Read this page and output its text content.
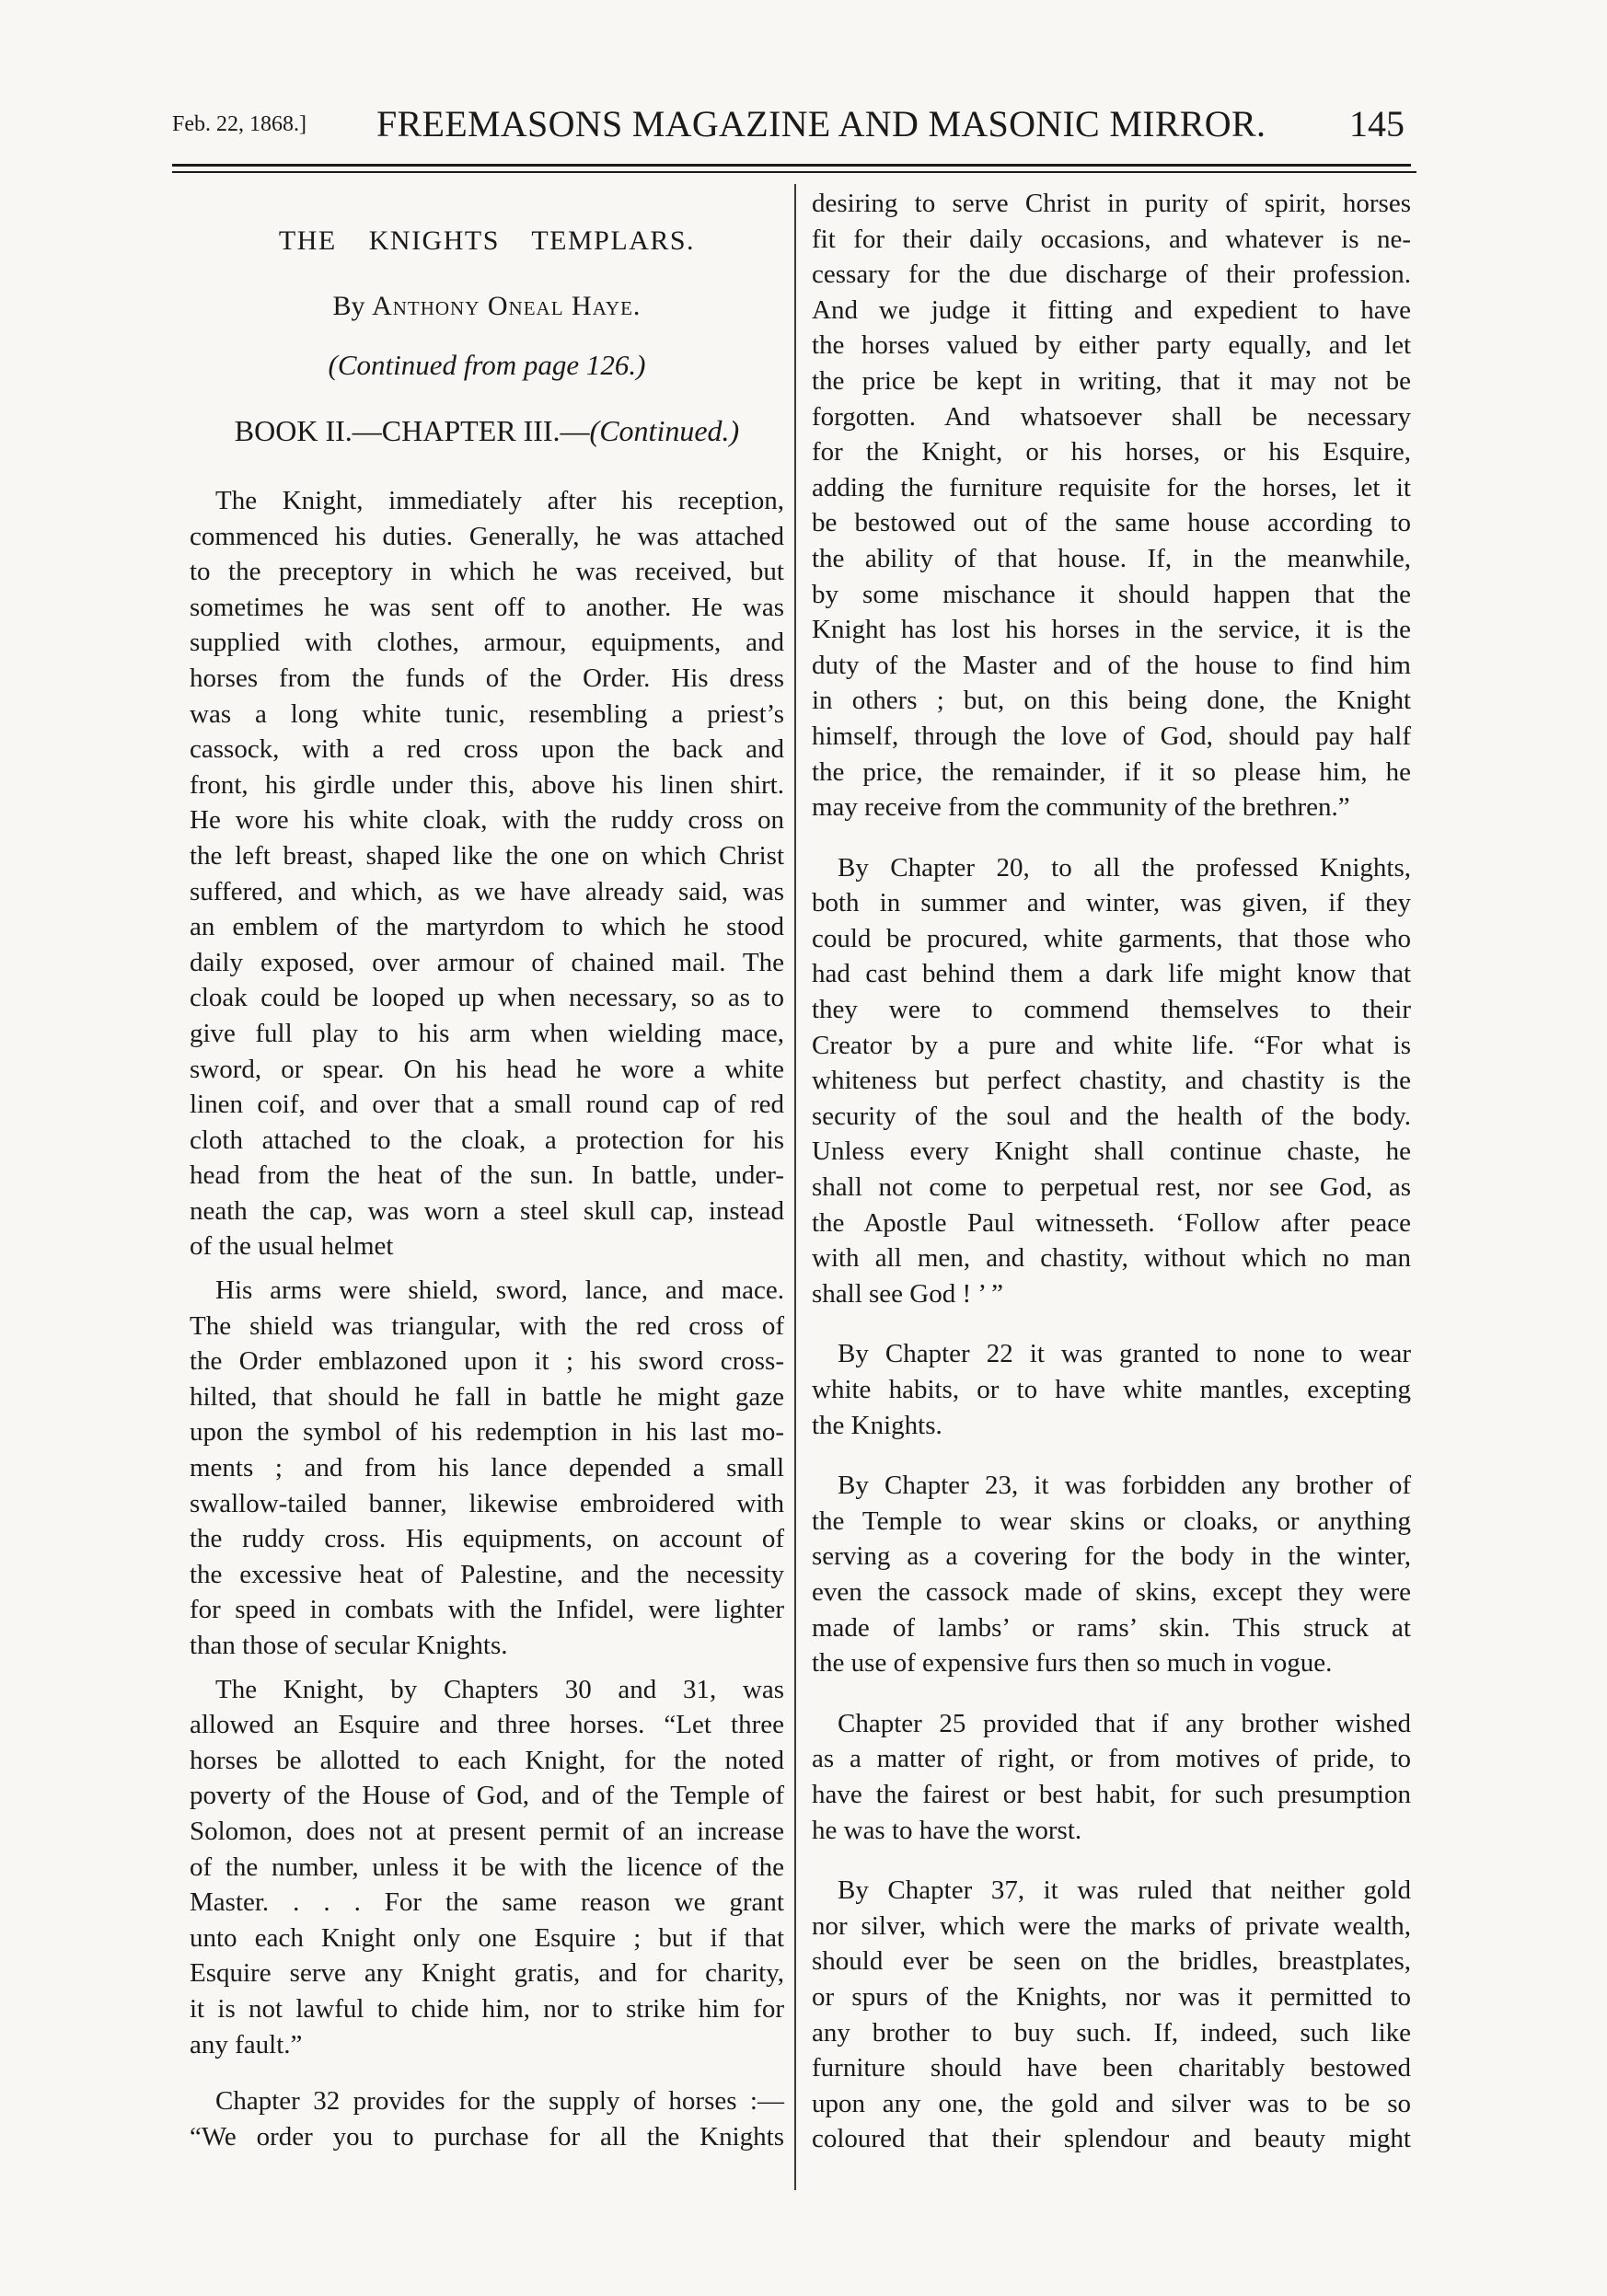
Feb. 22, 1868.] FREEMASONS MAGAZINE AND MASONIC MIRROR. 145
THE KNIGHTS TEMPLARS.
By Anthony Oneal Haye.
(Continued from page 126.)
BOOK II.—CHAPTER III.—(Continued.)
The Knight, immediately after his reception,
commenced his duties. Generally, he was attached
to the preceptory in which he was received, but
sometimes he was sent off to another. He was
supplied with clothes, armour, equipments, and
horses from the funds of the Order. His dress
was a long white tunic, resembling a priest’s
cassock, with a red cross upon the back and
front, his girdle under this, above his linen shirt.
He wore his white cloak, with the ruddy cross on
the left breast, shaped like the one on which Christ
suffered, and which, as we have already said, was
an emblem of the martyrdom to which he stood
daily exposed, over armour of chained mail. The
cloak could be looped up when necessary, so as to
give full play to his arm when wielding mace,
sword, or spear. On his head he wore a white
linen coif, and over that a small round cap of red
cloth attached to the cloak, a protection for his
head from the heat of the sun. In battle, under-
neath the cap, was worn a steel skull cap, instead
of the usual helmet
His arms were shield, sword, lance, and mace.
The shield was triangular, with the red cross of
the Order emblazoned upon it ; his sword cross-
hilted, that should he fall in battle he might gaze
upon the symbol of his redemption in his last mo-
ments ; and from his lance depended a small
swallow-tailed banner, likewise embroidered with
the ruddy cross. His equipments, on account of
the excessive heat of Palestine, and the necessity
for speed in combats with the Infidel, were lighter
than those of secular Knights.
The Knight, by Chapters 30 and 31, was
allowed an Esquire and three horses. “Let three
horses be allotted to each Knight, for the noted
poverty of the House of God, and of the Temple of
Solomon, does not at present permit of an increase
of the number, unless it be with the licence of the
Master. . . . For the same reason we grant
unto each Knight only one Esquire ; but if that
Esquire serve any Knight gratis, and for charity,
it is not lawful to chide him, nor to strike him for
any fault.”
Chapter 32 provides for the supply of horses :—
“We order you to purchase for all the Knights
desiring to serve Christ in purity of spirit, horses
fit for their daily occasions, and whatever is ne-
cessary for the due discharge of their profession.
And we judge it fitting and expedient to have
the horses valued by either party equally, and let
the price be kept in writing, that it may not be
forgotten. And whatsoever shall be necessary
for the Knight, or his horses, or his Esquire,
adding the furniture requisite for the horses, let it
be bestowed out of the same house according to
the ability of that house. If, in the meanwhile,
by some mischance it should happen that the
Knight has lost his horses in the service, it is the
duty of the Master and of the house to find him
in others ; but, on this being done, the Knight
himself, through the love of God, should pay half
the price, the remainder, if it so please him, he
may receive from the community of the brethren.”
By Chapter 20, to all the professed Knights,
both in summer and winter, was given, if they
could be procured, white garments, that those who
had cast behind them a dark life might know that
they were to commend themselves to their
Creator by a pure and white life. “For what is
whiteness but perfect chastity, and chastity is the
security of the soul and the health of the body.
Unless every Knight shall continue chaste, he
shall not come to perpetual rest, nor see God, as
the Apostle Paul witnesseth. ‘Follow after peace
with all men, and chastity, without which no man
shall see God ! ’ ”
By Chapter 22 it was granted to none to wear
white habits, or to have white mantles, excepting
the Knights.
By Chapter 23, it was forbidden any brother of
the Temple to wear skins or cloaks, or anything
serving as a covering for the body in the winter,
even the cassock made of skins, except they were
made of lambs’ or rams’ skin. This struck at
the use of expensive furs then so much in vogue.
Chapter 25 provided that if any brother wished
as a matter of right, or from motives of pride, to
have the fairest or best habit, for such presumption
he was to have the worst.
By Chapter 37, it was ruled that neither gold
nor silver, which were the marks of private wealth,
should ever be seen on the bridles, breastplates,
or spurs of the Knights, nor was it permitted to
any brother to buy such. If, indeed, such like
furniture should have been charitably bestowed
upon any one, the gold and silver was to be so
coloured that their splendour and beauty might
